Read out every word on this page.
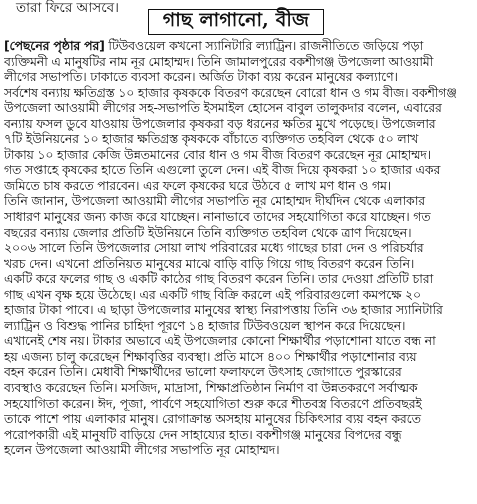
তারা ফিরে আসবে।
গাছ লাগানো, বীজ
[পেছনের পৃষ্ঠার পর] টিউবওয়েল কখনো স্যানিটারি ল্যাট্রিন। রাজনীতিতে জড়িয়ে পড়া
ব্যক্তিমনী এ মানুষটির নাম নূর মোহাম্মদ। তিনি জামালপুরের বকশীগঞ্জ উপজেলা আওয়ামী
লীগের সভাপতি। ঢাকাতে ব্যবসা করেন। অর্জিত টাকা ব্যয় করেন মানুষের কল্যাণে।
সর্বশেষ বন্যায় ক্ষতিগ্রস্ত ১০ হাজার কৃষককে বিতরণ করেছেন বোরো ধান ও গম বীজ। বকশীগঞ্জ
উপজেলা আওয়ামী লীগের সহ-সভাপতি ইসমাইল হোসেন বাবুল তালুকদার বলেন, এবারের
বন্যায় ফসল ডুবে যাওয়ায় উপজেলার কৃষকরা বড় ধরনের ক্ষতির মুখে পড়েছে। উপজেলার
৭টি ইউনিয়নের ১০ হাজার ক্ষতিগ্রস্ত কৃষককে বাঁচাতে ব্যক্তিগত তহবিল থেকে ৫০ লাখ
টাকায় ১০ হাজার কেজি উন্নতমানের বোর ধান ও গম বীজ বিতরণ করেছেন নূর মোহাম্মদ।
গত সপ্তাহে কৃষকের হাতে তিনি এগুলো তুলে দেন। এই বীজ দিয়ে কৃষকরা ১০ হাজার একর
জমিতে চাষ করতে পারবেন। এর ফলে কৃষকের ঘরে উঠবে ৫ লাখ মণ ধান ও গম।
তিনি জানান, উপজেলা আওয়ামী লীগের সভাপতি নূর মোহাম্মদ দীর্ঘদিন থেকে এলাকার
সাধারণ মানুষের জন্য কাজ করে যাচ্ছেন। নানাভাবে তাদের সহযোগিতা করে যাচ্ছেন। গত
বছরের বন্যায় জেলার প্রতিটি ইউনিয়নে তিনি ব্যক্তিগত তহবিল থেকে ত্রাণ দিয়েছেন।
২০০৬ সালে তিনি উপজেলার সোয়া লাখ পরিবারের মধ্যে গাছের চারা দেন ও পরিচর্যার
খরচ দেন। এখনো প্রতিনিয়ত মানুষের মাঝে বাড়ি বাড়ি গিয়ে গাছ বিতরণ করেন তিনি।
একটি করে ফলের গাছ ও একটি কাঠের গাছ বিতরণ করেন তিনি। তার দেওয়া প্রতিটি চারা
গাছ এখন বৃক্ষ হয়ে উঠেছে। এর একটি গাছ বিক্রি করলে এই পরিবারগুলো কমপক্ষে ২০
হাজার টাকা পাবে। এ ছাড়া উপজেলার মানুষের স্বাস্থ্য নিরাপত্তায় তিনি ৩৬ হাজার স্যানিটারি
ল্যাট্রিন ও বিশুদ্ধ পানির চাহিদা পূরণে ১৪ হাজার টিউবওয়েল স্থাপন করে দিয়েছেন।
এখানেই শেষ নয়। টাকার অভাবে এই উপজেলার কোনো শিক্ষার্থীর পড়াশোনা যাতে বন্ধ না
হয় এজন্য চালু করেছেন শিক্ষাবৃত্তির ব্যবস্থা। প্রতি মাসে ৪০০ শিক্ষার্থীর পড়াশোনার ব্যয়
বহন করেন তিনি। মেধাবী শিক্ষার্থীদের ভালো ফলাফলে উৎসাহ জোগাতে পুরস্কারের
ব্যবস্থাও করেছেন তিনি। মসজিদ, মাদ্রাসা, শিক্ষাপ্রতিষ্ঠান নির্মাণ বা উন্নতকরণে সর্বাত্মক
সহযোগিতা করেন। ঈদ, পূজা, পার্বণে সহযোগিতা শুরু করে শীতবস্ত্র বিতরণে প্রতিবছরই
তাকে পাশে পায় এলাকার মানুষ। রোগাক্রান্ত অসহায় মানুষের চিকিৎসার ব্যয় বহন করতে
পরোপকারী এই মানুষটি বাড়িয়ে দেন সাহায্যের হাত। বকশীগঞ্জ মানুষের বিপদের বন্ধু
হলেন উপজেলা আওয়ামী লীগের সভাপতি নূর মোহাম্মদ।
